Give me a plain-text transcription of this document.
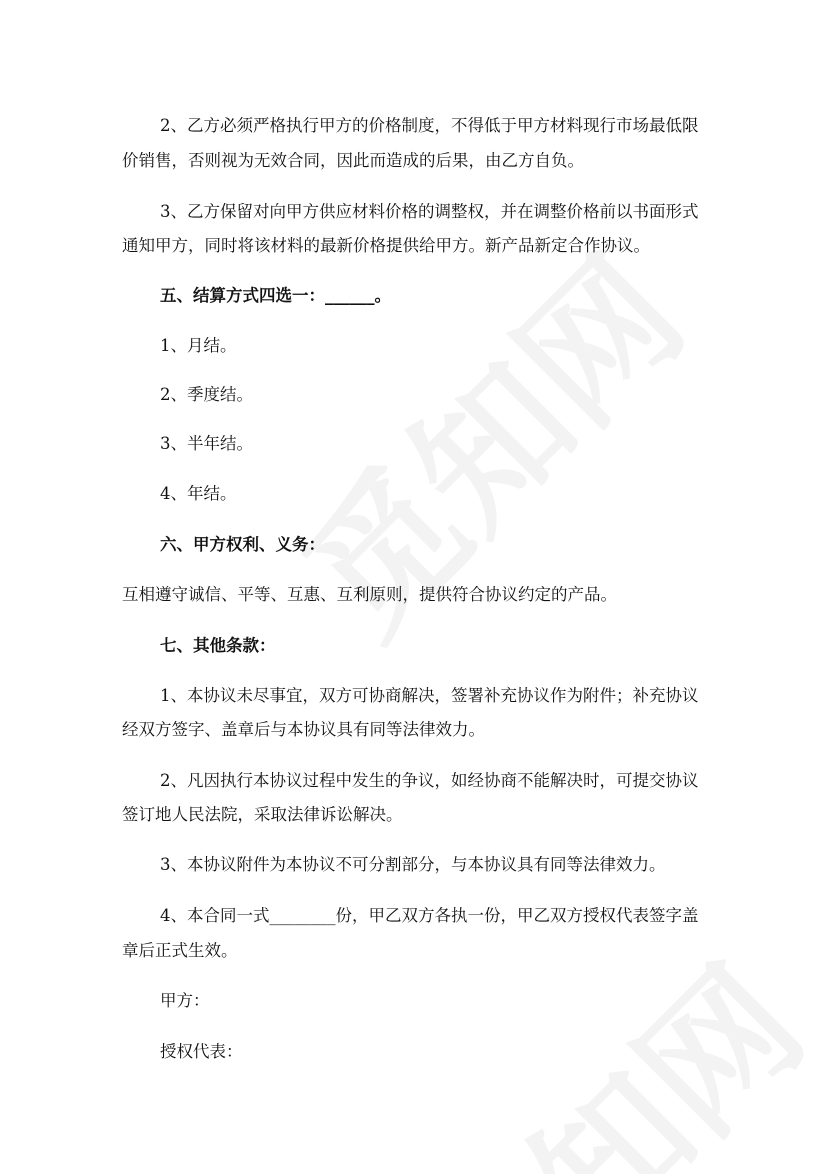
2、乙方必须严格执行甲方的价格制度，不得低于甲方材料现行市场最低限
价销售，否则视为无效合同，因此而造成的后果，由乙方自负。
3、乙方保留对向甲方供应材料价格的调整权，并在调整价格前以书面形式
通知甲方，同时将该材料的最新价格提供给甲方。新产品新定合作协议。
五、结算方式四选一：______。
1、月结。
2、季度结。
3、半年结。
4、年结。
六、甲方权利、义务：
互相遵守诚信、平等、互惠、互利原则，提供符合协议约定的产品。
七、其他条款：
1、本协议未尽事宜，双方可协商解决，签署补充协议作为附件；补充协议
经双方签字、盖章后与本协议具有同等法律效力。
2、凡因执行本协议过程中发生的争议，如经协商不能解决时，可提交协议
签订地人民法院，采取法律诉讼解决。
3、本协议附件为本协议不可分割部分，与本协议具有同等法律效力。
4、本合同一式________份，甲乙双方各执一份，甲乙双方授权代表签字盖
章后正式生效。
甲方：
授权代表：
